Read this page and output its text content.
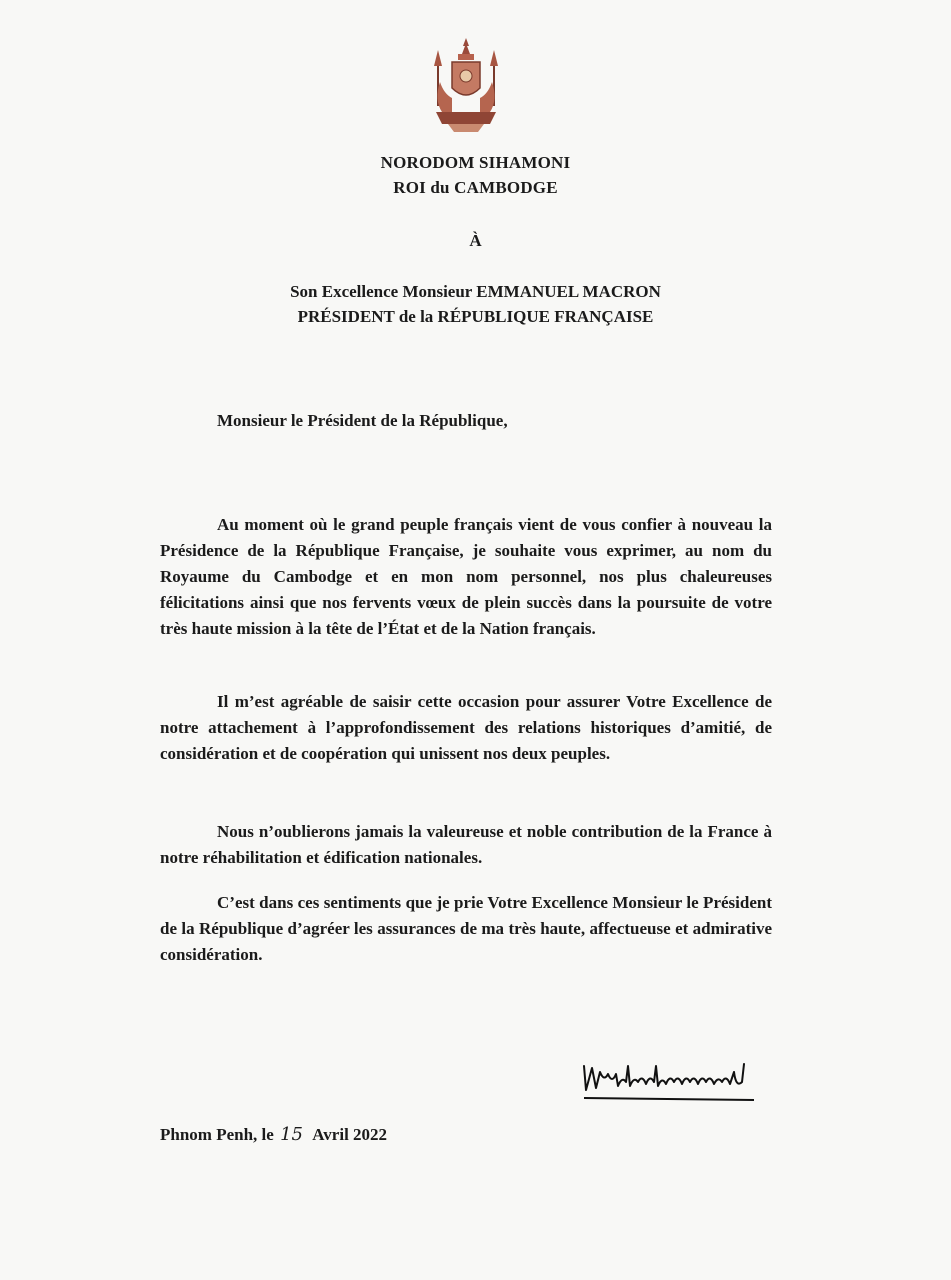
NORODOM SIHAMONI
ROI du CAMBODGE
À
Son Excellence Monsieur EMMANUEL MACRON
PRÉSIDENT de la RÉPUBLIQUE FRANÇAISE
Monsieur le Président de la République,

Au moment où le grand peuple français vient de vous confier à nouveau la Présidence de la République Française, je souhaite vous exprimer, au nom du Royaume du Cambodge et en mon nom personnel, nos plus chaleureuses félicitations ainsi que nos fervents vœux de plein succès dans la poursuite de votre très haute mission à la tête de l’État et de la Nation français.

Il m’est agréable de saisir cette occasion pour assurer Votre Excellence de notre attachement à l’approfondissement des relations historiques d’amitié, de considération et de coopération qui unissent nos deux peuples.

Nous n’oublierons jamais la valeureuse et noble contribution de la France à notre réhabilitation et édification nationales.

C’est dans ces sentiments que je prie Votre Excellence Monsieur le Président de la République d’agréer les assurances de ma très haute, affectueuse et admirative considération.

Phnom Penh, le 15 Avril 2022
